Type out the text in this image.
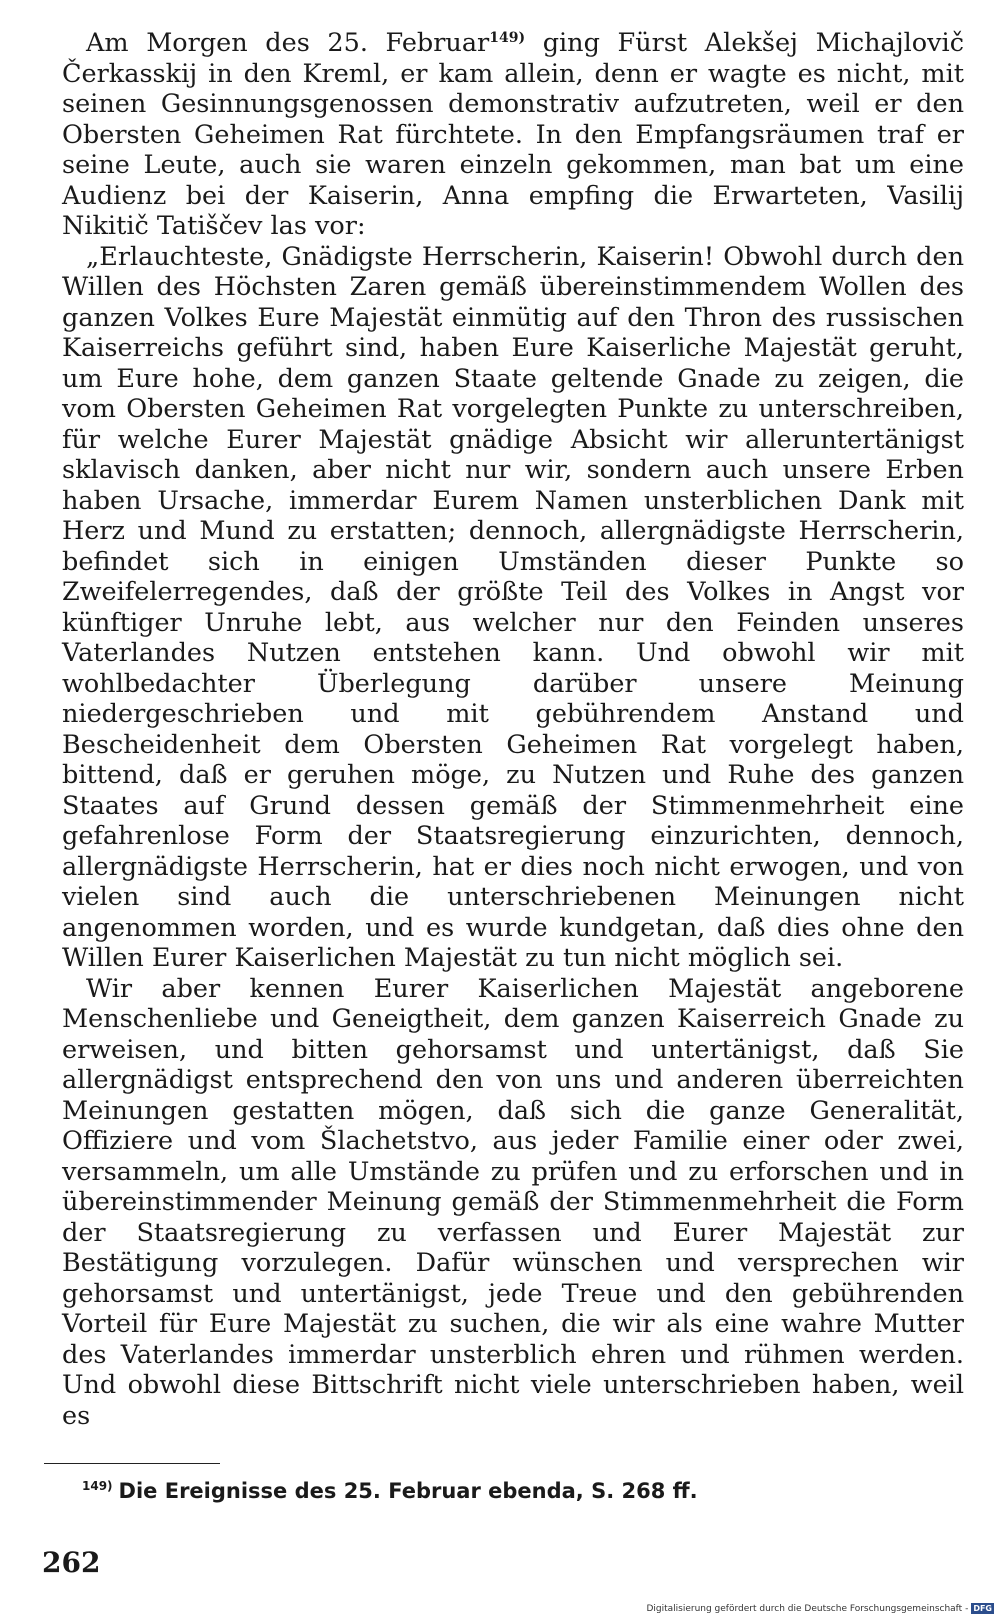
Am Morgen des 25. Februar$^{149)}$ ging Fürst Alekšej Michajlovič Čerkasskij in den Kreml, er kam allein, denn er wagte es nicht, mit seinen Gesinnungsgenossen demonstrativ aufzutreten, weil er den Obersten Geheimen Rat fürchtete. In den Empfangsräumen traf er seine Leute, auch sie waren einzeln gekommen, man bat um eine Audienz bei der Kaiserin, Anna empfing die Erwarteten, Vasilij Nikitič Tatiščev las vor:

„Erlauchteste, Gnädigste Herrscherin, Kaiserin! Obwohl durch den Willen des Höchsten Zaren gemäß übereinstimmendem Wollen des ganzen Volkes Eure Majestät einmütig auf den Thron des russischen Kaiserreichs geführt sind, haben Eure Kaiserliche Majestät geruht, um Eure hohe, dem ganzen Staate geltende Gnade zu zeigen, die vom Obersten Geheimen Rat vorgelegten Punkte zu unterschreiben, für welche Eurer Majestät gnädige Absicht wir alleruntertänigst sklavisch danken, aber nicht nur wir, sondern auch unsere Erben haben Ursache, immerdar Eurem Namen unsterblichen Dank mit Herz und Mund zu erstatten; dennoch, allergnädigste Herrscherin, befindet sich in einigen Umständen dieser Punkte so Zweifelerregendes, daß der größte Teil des Volkes in Angst vor künftiger Unruhe lebt, aus welcher nur den Feinden unseres Vaterlandes Nutzen entstehen kann. Und obwohl wir mit wohlbedachter Überlegung darüber unsere Meinung niedergeschrieben und mit gebührendem Anstand und Bescheidenheit dem Obersten Geheimen Rat vorgelegt haben, bittend, daß er geruhen möge, zu Nutzen und Ruhe des ganzen Staates auf Grund dessen gemäß der Stimmenmehrheit eine gefahrenlose Form der Staatsregierung einzurichten, dennoch, allergnädigste Herrscherin, hat er dies noch nicht erwogen, und von vielen sind auch die unterschriebenen Meinungen nicht angenommen worden, und es wurde kundgetan, daß dies ohne den Willen Eurer Kaiserlichen Majestät zu tun nicht möglich sei.

Wir aber kennen Eurer Kaiserlichen Majestät angeborene Menschenliebe und Geneigtheit, dem ganzen Kaiserreich Gnade zu erweisen, und bitten gehorsamst und untertänigst, daß Sie allergnädigst entsprechend den von uns und anderen überreichten Meinungen gestatten mögen, daß sich die ganze Generalität, Offiziere und vom Šlachetstvo, aus jeder Familie einer oder zwei, versammeln, um alle Umstände zu prüfen und zu erforschen und in übereinstimmender Meinung gemäß der Stimmenmehrheit die Form der Staatsregierung zu verfassen und Eurer Majestät zur Bestätigung vorzulegen. Dafür wünschen und versprechen wir gehorsamst und untertänigst, jede Treue und den gebührenden Vorteil für Eure Majestät zu suchen, die wir als eine wahre Mutter des Vaterlandes immerdar unsterblich ehren und rühmen werden. Und obwohl diese Bittschrift nicht viele unterschrieben haben, weil es

$^{149)}$ Die Ereignisse des 25. Februar ebenda, S. 268 ff.
262
Digitalisierung gefördert durch die Deutsche Forschungsgemeinschaft - DFG
